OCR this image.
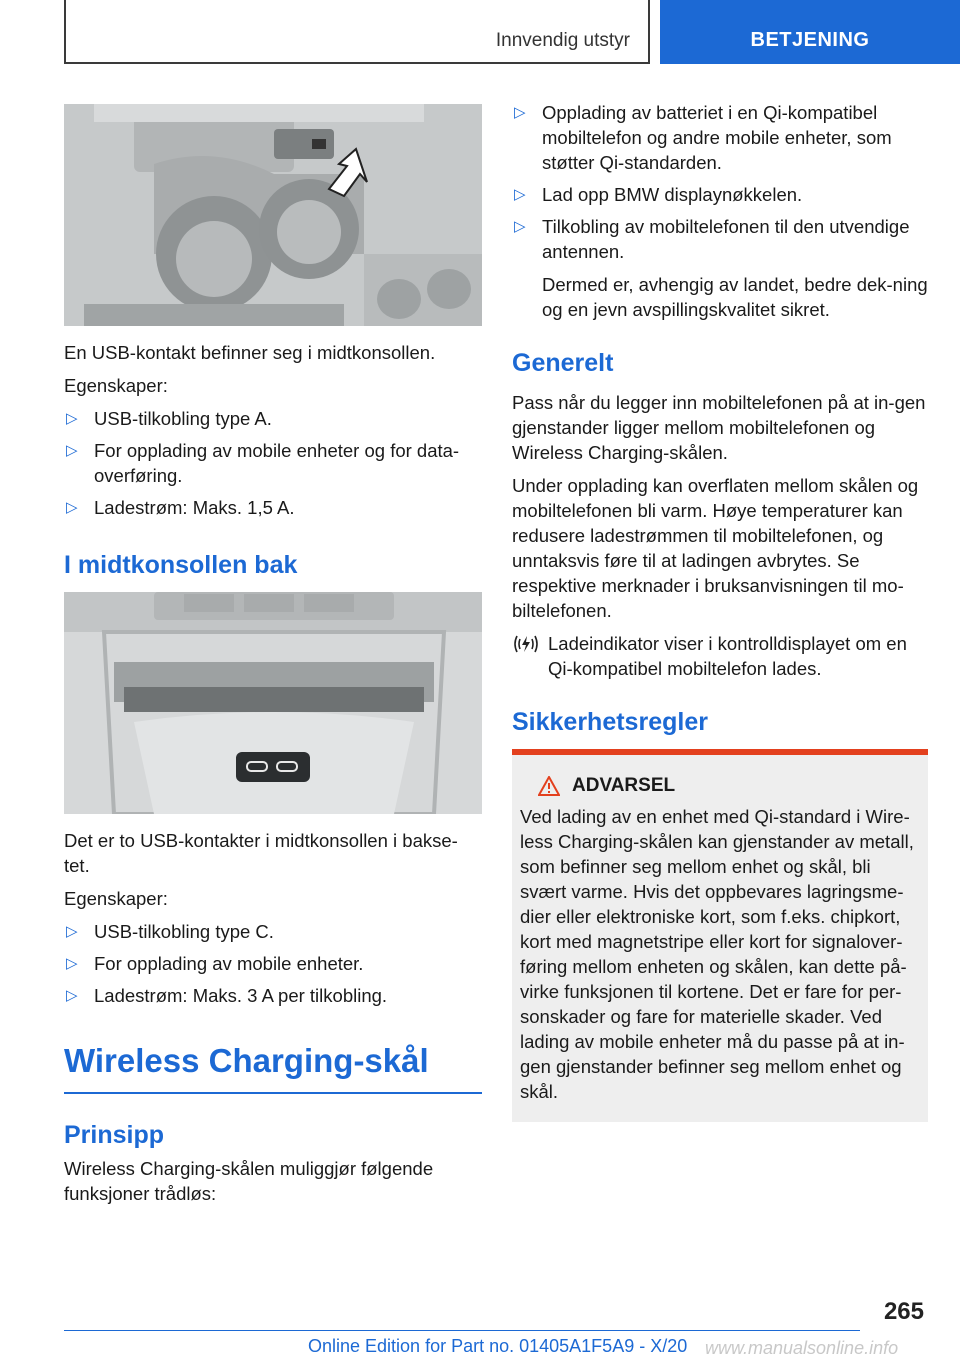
Innvendig utstyr	BETJENING

En USB-kontakt befinner seg i midtkonsollen.

Egenskaper:

▷ USB-tilkobling type A.
▷ For opplading av mobile enheter og for data-overføring.
▷ Ladestrøm: Maks. 1,5 A.
I midtkonsollen bak

Det er to USB-kontakter i midtkonsollen i bakse-tet.

Egenskaper:

▷ USB-tilkobling type C.
▷ For opplading av mobile enheter.
▷ Ladestrøm: Maks. 3 A per tilkobling.
Wireless Charging-skål
Prinsipp

Wireless Charging-skålen muliggjør følgende funksjoner trådløs:

▷ Opplading av batteriet i en Qi-kompatibel mobiltelefon og andre mobile enheter, som støtter Qi-standarden.
▷ Lad opp BMW displaynøkkelen.
▷ Tilkobling av mobiltelefonen til den utvendige antennen.

Dermed er, avhengig av landet, bedre dek-ning og en jevn avspillingskvalitet sikret.

Generelt

Pass når du legger inn mobiltelefonen på at in-gen gjenstander ligger mellom mobiltelefonen og Wireless Charging-skålen.

Under opplading kan overflaten mellom skålen og mobiltelefonen bli varm. Høye temperaturer kan redusere ladestrømmen til mobiltelefonen, og unntaksvis føre til at ladingen avbrytes. Se respektive merknader i bruksanvisningen til mo-biltelefonen.

Ladeindikator viser i kontrolldisplayet om en Qi-kompatibel mobiltelefon lades.

Sikkerhetsregler
ADVARSEL

Ved lading av en enhet med Qi-standard i Wire-less Charging-skålen kan gjenstander av metall, som befinner seg mellom enhet og skål, bli svært varme. Hvis det oppbevares lagringsme-dier eller elektroniske kort, som f.eks. chipkort, kort med magnetstripe eller kort for signalover-føring mellom enheten og skålen, kan dette på-virke funksjonen til kortene. Det er fare for per-sonskader og fare for materielle skader. Ved lading av mobile enheter må du passe på at in-gen gjenstander befinner seg mellom enhet og skål.

265
Online Edition for Part no. 01405A1F5A9 - X/20 www.manualsonline.info
